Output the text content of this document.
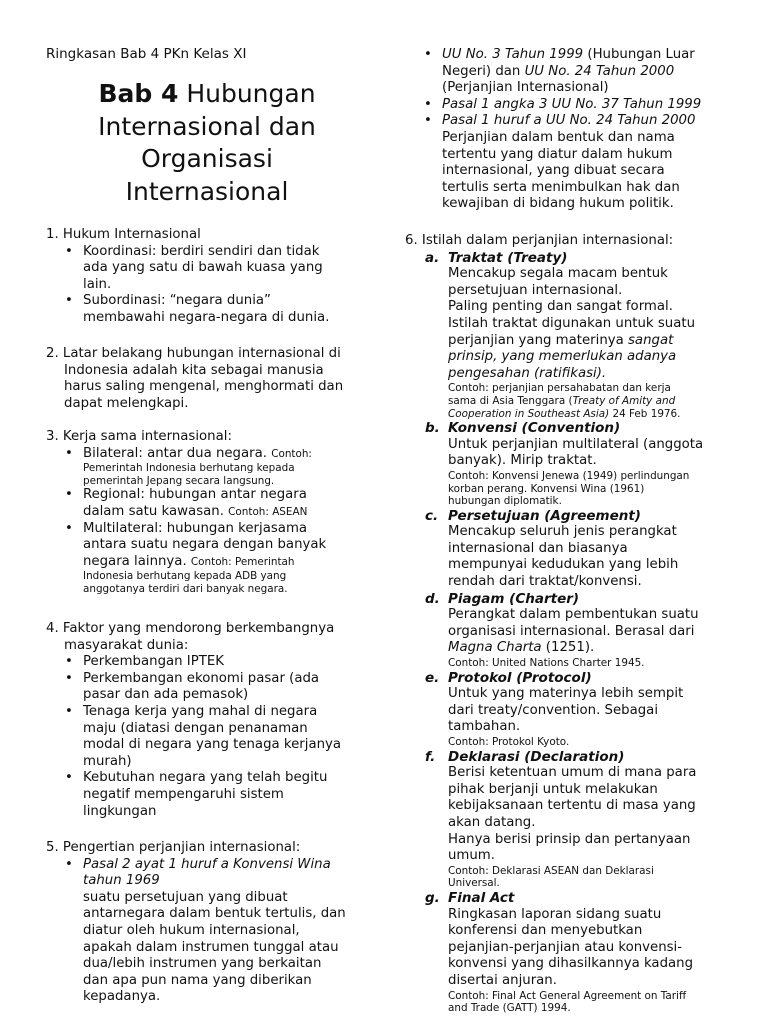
Ringkasan Bab 4 PKn Kelas XI
Bab 4 Hubungan
Internasional dan
Organisasi
Internasional

1. Hukum Internasional

• Koordinasi: berdiri sendiri dan tidak
ada yang satu di bawah kuasa yang
lain.
• Subordinasi: “negara dunia”
membawahi negara-negara di dunia.
2. Latar belakang hubungan internasional di
Indonesia adalah kita sebagai manusia
harus saling mengenal, menghormati dan
dapat melengkapi.

3. Kerja sama internasional:

• Bilateral: antar dua negara. Contoh:
Pemerintah Indonesia berhutang kepada
pemerintah Jepang secara langsung.
• Regional: hubungan antar negara
dalam satu kawasan. Contoh: ASEAN
• Multilateral: hubungan kerjasama
antara suatu negara dengan banyak
negara lainnya. Contoh: Pemerintah
Indonesia berhutang kepada ADB yang
anggotanya terdiri dari banyak negara.
4. Faktor yang mendorong berkembangnya
masyarakat dunia:
• Perkembangan IPTEK
• Perkembangan ekonomi pasar (ada
pasar dan ada pemasok)
• Tenaga kerja yang mahal di negara
maju (diatasi dengan penanaman
modal di negara yang tenaga kerjanya
murah)
• Kebutuhan negara yang telah begitu
negatif mempengaruhi sistem
lingkungan

5. Pengertian perjanjian internasional:

• Pasal 2 ayat 1 huruf a Konvensi Wina
tahun 1969
suatu persetujuan yang dibuat
antarnegara dalam bentuk tertulis, dan
diatur oleh hukum internasional,
apakah dalam instrumen tunggal atau
dua/lebih instrumen yang berkaitan
dan apa pun nama yang diberikan
kepadanya.
• UU No. 3 Tahun 1999 (Hubungan Luar
Negeri) dan UU No. 24 Tahun 2000
(Perjanjian Internasional)
• Pasal 1 angka 3 UU No. 37 Tahun 1999
• Pasal 1 huruf a UU No. 24 Tahun 2000
Perjanjian dalam bentuk dan nama
tertentu yang diatur dalam hukum
internasional, yang dibuat secara
tertulis serta menimbulkan hak dan
kewajiban di bidang hukum politik.

6. Istilah dalam perjanjian internasional:

a. Traktat (Treaty)
Mencakup segala macam bentuk
persetujuan internasional.
Paling penting dan sangat formal.
Istilah traktat digunakan untuk suatu
perjanjian yang materinya sangat
prinsip, yang memerlukan adanya
pengesahan (ratifikasi).
Contoh: perjanjian persahabatan dan kerja
sama di Asia Tenggara (Treaty of Amity and
Cooperation in Southeast Asia) 24 Feb 1976.
b. Konvensi (Convention)
Untuk perjanjian multilateral (anggota
banyak). Mirip traktat.
Contoh: Konvensi Jenewa (1949) perlindungan
korban perang. Konvensi Wina (1961)
hubungan diplomatik.
c. Persetujuan (Agreement)
Mencakup seluruh jenis perangkat
internasional dan biasanya
mempunyai kedudukan yang lebih
rendah dari traktat/konvensi.
d. Piagam (Charter)
Perangkat dalam pembentukan suatu
organisasi internasional. Berasal dari
Magna Charta (1251).
Contoh: United Nations Charter 1945.
e. Protokol (Protocol)
Untuk yang materinya lebih sempit
dari treaty/convention. Sebagai
tambahan.
Contoh: Protokol Kyoto.
f. Deklarasi (Declaration)
Berisi ketentuan umum di mana para
pihak berjanji untuk melakukan
kebijaksanaan tertentu di masa yang
akan datang.
Hanya berisi prinsip dan pertanyaan
umum.
Contoh: Deklarasi ASEAN dan Deklarasi
Universal.
g. Final Act
Ringkasan laporan sidang suatu
konferensi dan menyebutkan
pejanjian-perjanjian atau konvensi-
konvensi yang dihasilkannya kadang
disertai anjuran.
Contoh: Final Act General Agreement on Tariff
and Trade (GATT) 1994.
